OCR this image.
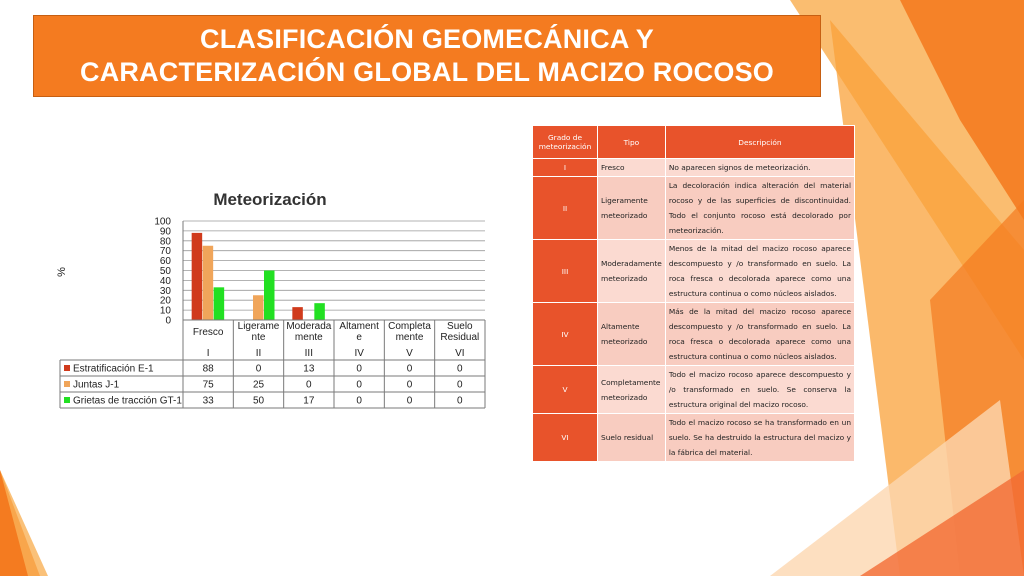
CLASIFICACIÓN GEOMECÁNICA Y
CARACTERIZACIÓN GLOBAL DEL MACIZO ROCOSO
Meteorización
%
0
10
20
30
40
50
60
70
80
90
100
Fresco
I
Ligerame nte
II
Moderada mente
III
Altament e
IV
Completa mente
V
Suelo Residual
VI
Estratificación E-1	88	0	13	0	0	0
Juntas J-1	75	25	0	0	0	0
Grietas de tracción GT-1 33	50	17	0	0	0
Grado de meteorización	Tipo	Descripción
I	Fresco	No aparecen signos de meteorización.
II	Ligeramente meteorizado	La decoloración indica alteración del material rocoso y de las superficies de discontinuidad. Todo el conjunto rocoso está decolorado por meteorización.
III	Moderadamente meteorizado	Menos de la mitad del macizo rocoso aparece descompuesto y /o transformado en suelo. La roca fresca o decolorada aparece como una estructura continua o como núcleos aislados.
IV	Altamente meteorizado	Más de la mitad del macizo rocoso aparece descompuesto y /o transformado en suelo. La roca fresca o decolorada aparece como una estructura continua o como núcleos aislados.
V	Completamente meteorizado	Todo el macizo rocoso aparece descompuesto y /o transformado en suelo. Se conserva la estructura original del macizo rocoso.
VI	Suelo residual	Todo el macizo rocoso se ha transformado en un suelo. Se ha destruido la estructura del macizo y la fábrica del material.
